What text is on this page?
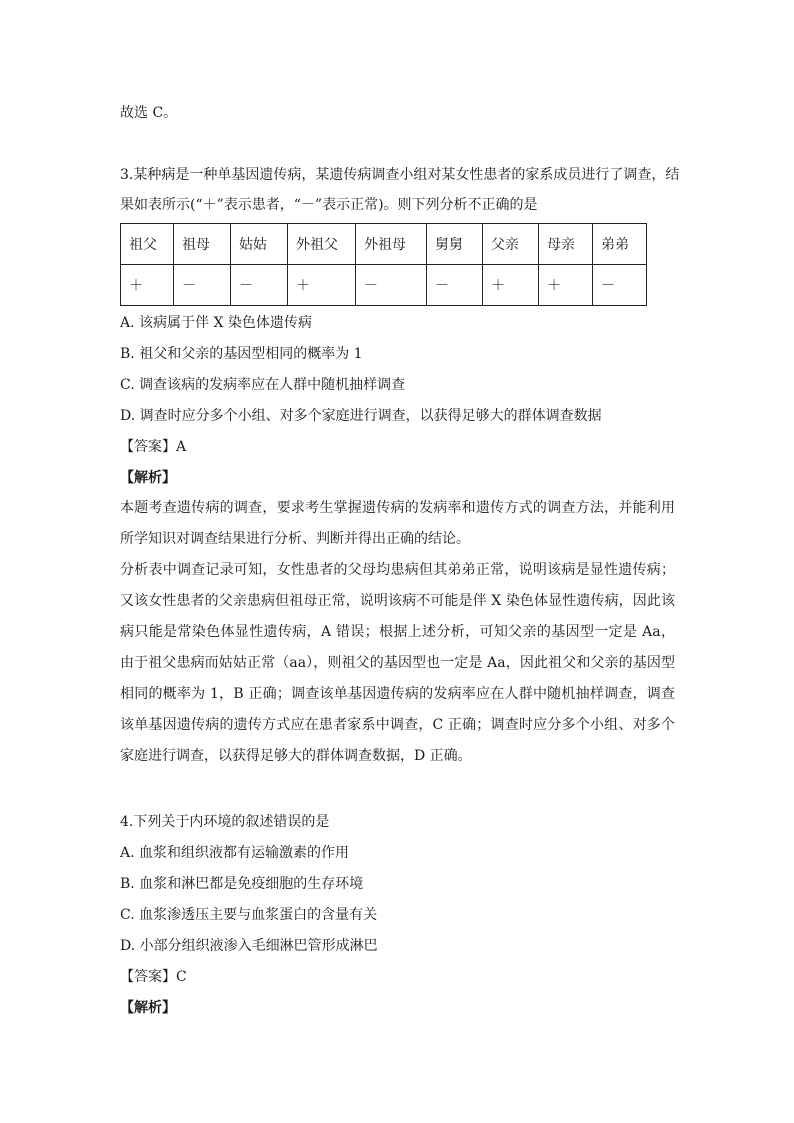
故选 C。
3.某种病是一种单基因遗传病，某遗传病调查小组对某女性患者的家系成员进行了调查，结
果如表所示(“＋”表示患者，“－”表示正常)。则下列分析不正确的是
祖父	祖母	姑姑	外祖父	外祖母	舅舅	父亲	母亲	弟弟
＋	－	－	＋	－	－	＋	＋	－
A. 该病属于伴 X 染色体遗传病
B. 祖父和父亲的基因型相同的概率为 1
C. 调查该病的发病率应在人群中随机抽样调查
D. 调查时应分多个小组、对多个家庭进行调查，以获得足够大的群体调查数据
【答案】A
【解析】
本题考查遗传病的调查，要求考生掌握遗传病的发病率和遗传方式的调查方法，并能利用所学知识对调查结果进行分析、判断并得出正确的结论。
分析表中调查记录可知，女性患者的父母均患病但其弟弟正常，说明该病是显性遗传病；又该女性患者的父亲患病但祖母正常，说明该病不可能是伴 X 染色体显性遗传病，因此该病只能是常染色体显性遗传病，A 错误；根据上述分析，可知父亲的基因型一定是 Aa，由于祖父患病而姑姑正常（aa），则祖父的基因型也一定是 Aa，因此祖父和父亲的基因型相同的概率为 1，B 正确；调查该单基因遗传病的发病率应在人群中随机抽样调查，调查该单基因遗传病的遗传方式应在患者家系中调查，C 正确；调查时应分多个小组、对多个家庭进行调查，以获得足够大的群体调查数据，D 正确。
4.下列关于内环境的叙述错误的是
A. 血浆和组织液都有运输激素的作用
B. 血浆和淋巴都是免疫细胞的生存环境
C. 血浆渗透压主要与血浆蛋白的含量有关
D. 小部分组织液渗入毛细淋巴管形成淋巴
【答案】C
【解析】
